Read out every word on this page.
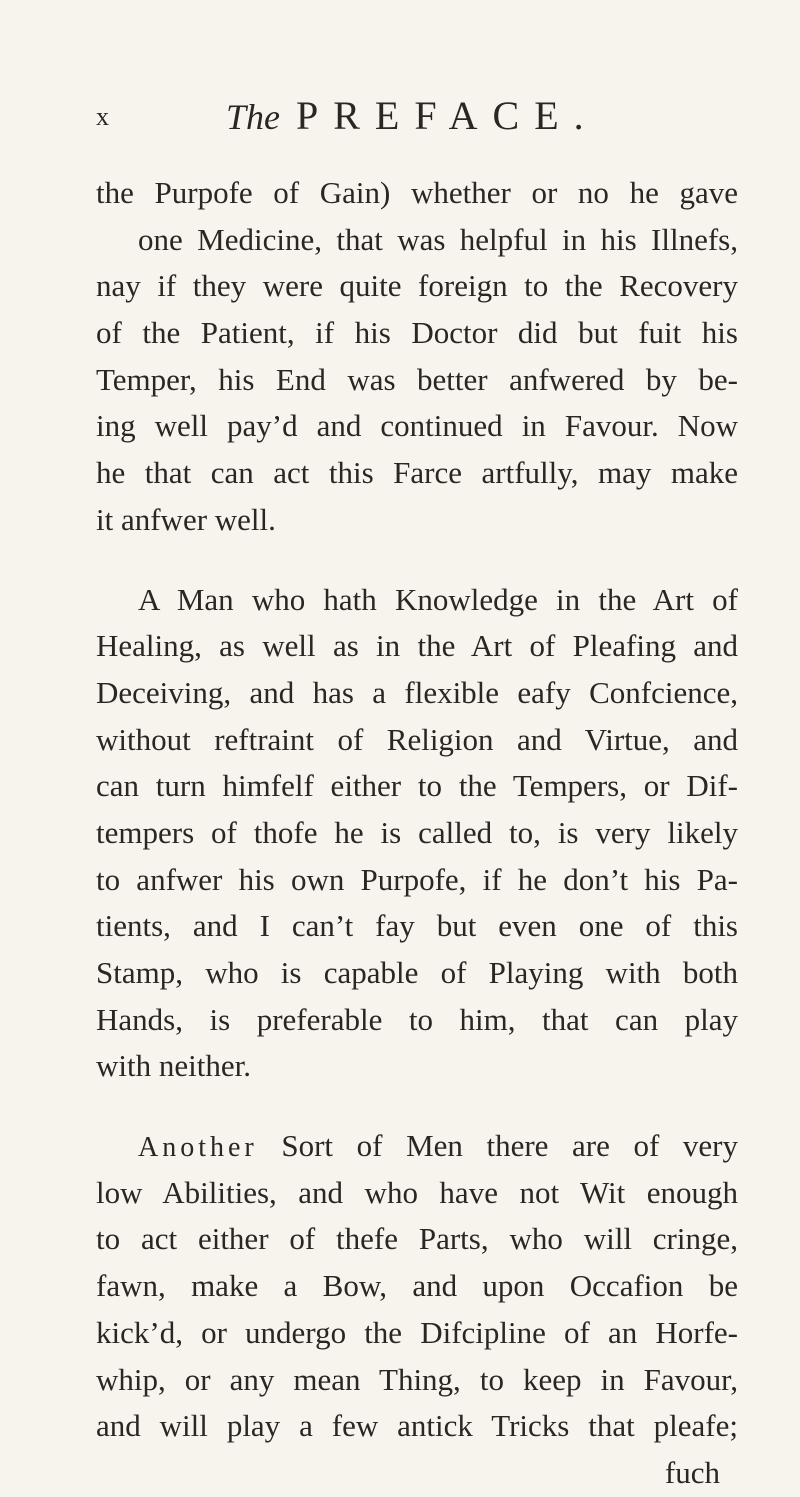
x	The PREFACE.
the Purpofe of Gain) whether or no he gave
one Medicine, that was helpful in his Illnefs,
nay if they were quite foreign to the Recovery
of the Patient, if his Doctor did but fuit his
Temper, his End was better anfwered by be-
ing well pay’d and continued in Favour. Now
he that can act this Farce artfully, may make
it anfwer well.
A Man who hath Knowledge in the Art of
Healing, as well as in the Art of Pleafing and
Deceiving, and has a flexible eafy Confcience,
without reftraint of Religion and Virtue, and
can turn himfelf either to the Tempers, or Dif-
tempers of thofe he is called to, is very likely
to anfwer his own Purpofe, if he don’t his Pa-
tients, and I can’t fay but even one of this
Stamp, who is capable of Playing with both
Hands, is preferable to him, that can play
with neither.
Another Sort of Men there are of very
low Abilities, and who have not Wit enough
to act either of thefe Parts, who will cringe,
fawn, make a Bow, and upon Occafion be
kick’d, or undergo the Difcipline of an Horfe-
whip, or any mean Thing, to keep in Favour,
and will play a few antick Tricks that pleafe;
fuch
